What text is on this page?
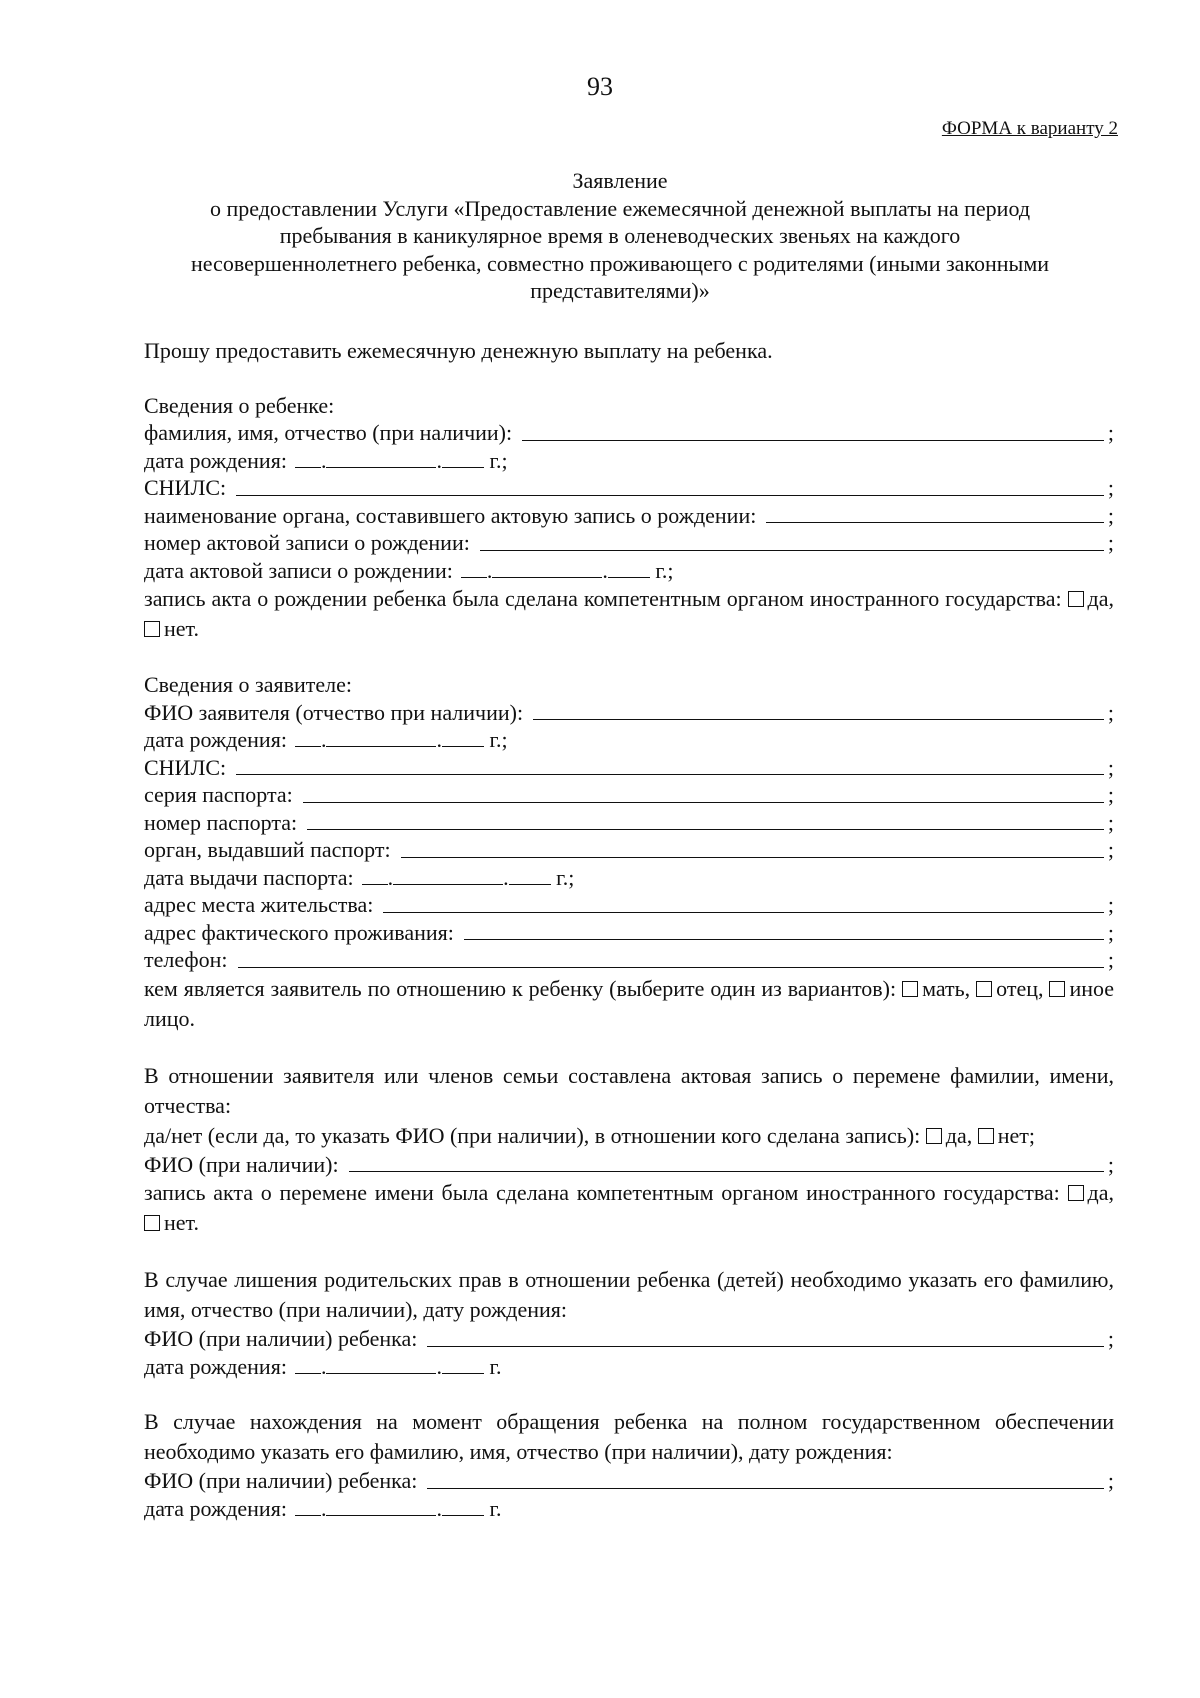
93
ФОРМА к варианту 2
Заявление
о предоставлении Услуги «Предоставление ежемесячной денежной выплаты на период
пребывания в каникулярное время в оленеводческих звеньях на каждого
несовершеннолетнего ребенка, совместно проживающего с родителями (иными законными
представителями)»
Прошу предоставить ежемесячную денежную выплату на ребенка.
Сведения о ребенке:
фамилия, имя, отчество (при наличии):	;
дата рождения:	.	. г.;
СНИЛС:	;
наименование органа, составившего актовую запись о рождении:	;
номер актовой записи о рождении:	;
дата актовой записи о рождении:	.	. г.;
запись акта о рождении ребенка была сделана компетентным органом иностранного государства: да, нет.
Сведения о заявителе:
ФИО заявителя (отчество при наличии):	;
дата рождения:	.	. г.;
СНИЛС:	;
серия паспорта:	;
номер паспорта:	;
орган, выдавший паспорт:	;
дата выдачи паспорта:	.	. г.;
адрес места жительства:	;
адрес фактического проживания:	;
телефон:	;
кем является заявитель по отношению к ребенку (выберите один из вариантов): мать, отец, иное лицо.
В отношении заявителя или членов семьи составлена актовая запись о перемене фамилии, имени, отчества:
да/нет (если да, то указать ФИО (при наличии), в отношении кого сделана запись): да, нет;
ФИО (при наличии):	;
запись акта о перемене имени была сделана компетентным органом иностранного государства: да, нет.
В случае лишения родительских прав в отношении ребенка (детей) необходимо указать его фамилию, имя, отчество (при наличии), дату рождения:
ФИО (при наличии) ребенка:	;
дата рождения:	.	. г.
В случае нахождения на момент обращения ребенка на полном государственном обеспечении необходимо указать его фамилию, имя, отчество (при наличии), дату рождения:
ФИО (при наличии) ребенка:	;
дата рождения:	.	. г.
